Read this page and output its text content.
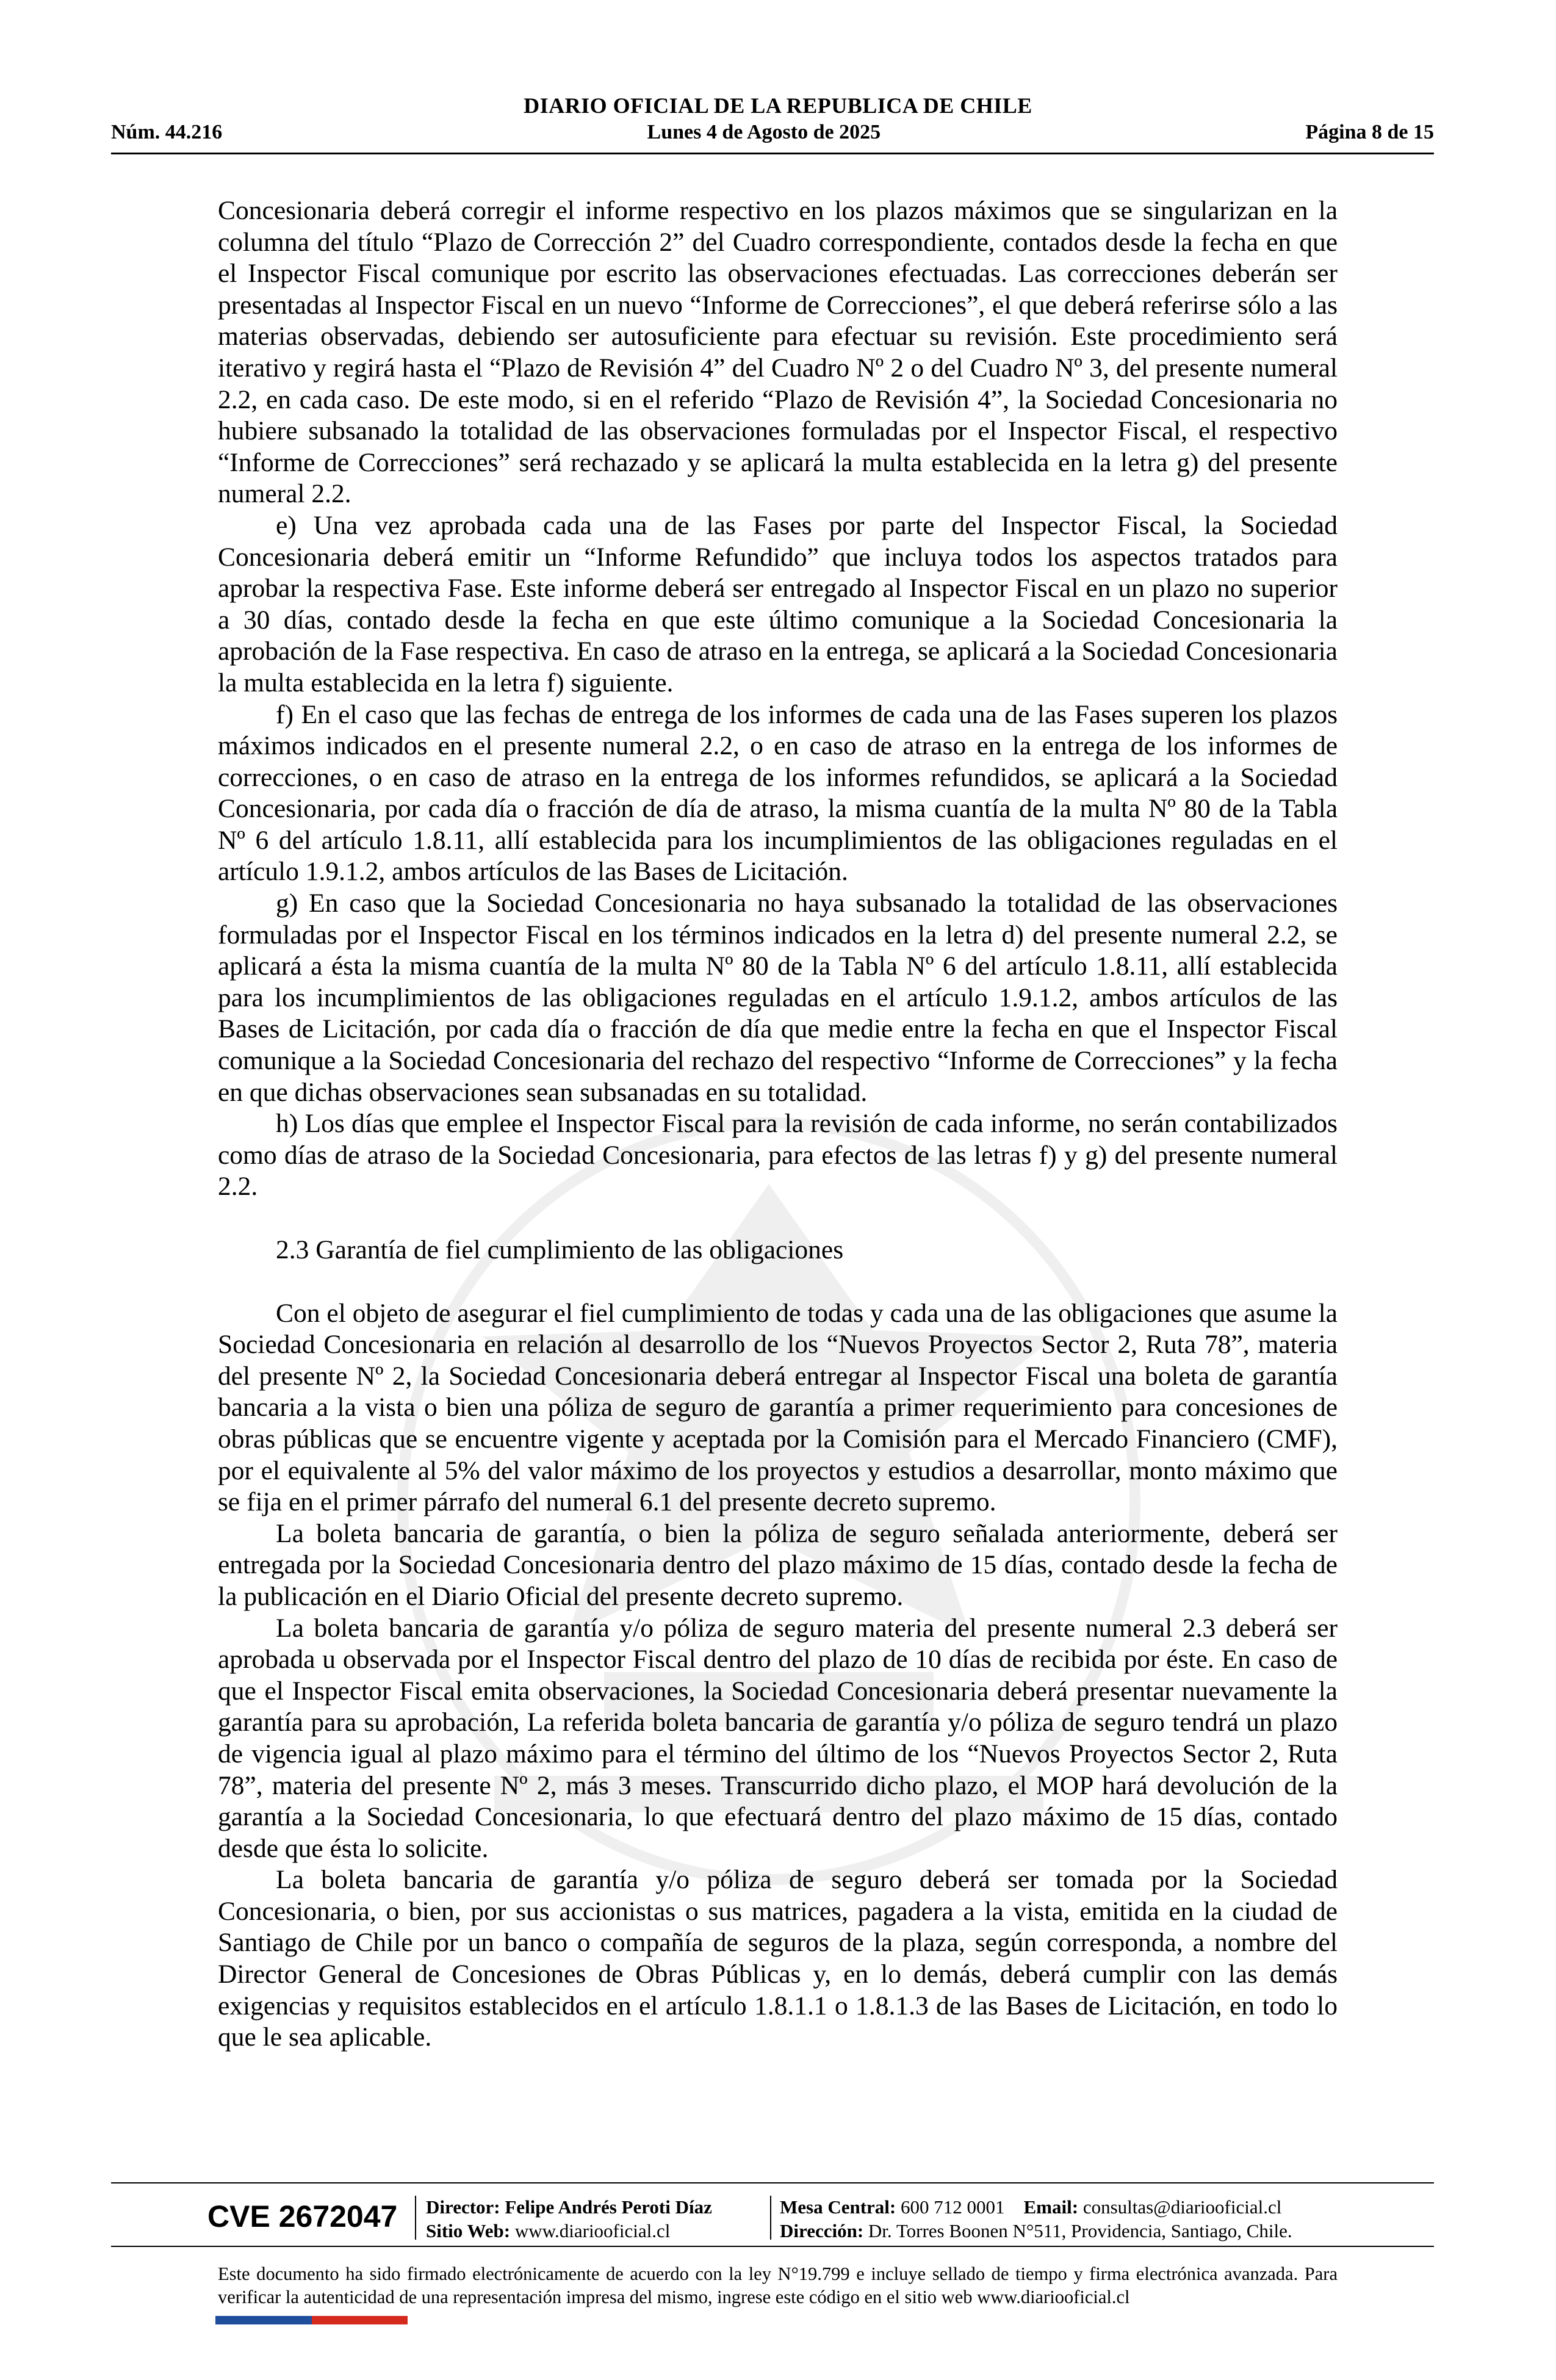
DIARIO OFICIAL DE LA REPUBLICA DE CHILE
Núm. 44.216	Lunes 4 de Agosto de 2025	Página 8 de 15

Concesionaria deberá corregir el informe respectivo en los plazos máximos que se singularizan en la columna del título “Plazo de Corrección 2” del Cuadro correspondiente, contados desde la fecha en que el Inspector Fiscal comunique por escrito las observaciones efectuadas. Las correcciones deberán ser presentadas al Inspector Fiscal en un nuevo “Informe de Correcciones”, el que deberá referirse sólo a las materias observadas, debiendo ser autosuficiente para efectuar su revisión. Este procedimiento será iterativo y regirá hasta el “Plazo de Revisión 4” del Cuadro Nº 2 o del Cuadro Nº 3, del presente numeral 2.2, en cada caso. De este modo, si en el referido “Plazo de Revisión 4”, la Sociedad Concesionaria no hubiere subsanado la totalidad de las observaciones formuladas por el Inspector Fiscal, el respectivo “Informe de Correcciones” será rechazado y se aplicará la multa establecida en la letra g) del presente numeral 2.2.

e) Una vez aprobada cada una de las Fases por parte del Inspector Fiscal, la Sociedad Concesionaria deberá emitir un “Informe Refundido” que incluya todos los aspectos tratados para aprobar la respectiva Fase. Este informe deberá ser entregado al Inspector Fiscal en un plazo no superior a 30 días, contado desde la fecha en que este último comunique a la Sociedad Concesionaria la aprobación de la Fase respectiva. En caso de atraso en la entrega, se aplicará a la Sociedad Concesionaria la multa establecida en la letra f) siguiente.

f) En el caso que las fechas de entrega de los informes de cada una de las Fases superen los plazos máximos indicados en el presente numeral 2.2, o en caso de atraso en la entrega de los informes de correcciones, o en caso de atraso en la entrega de los informes refundidos, se aplicará a la Sociedad Concesionaria, por cada día o fracción de día de atraso, la misma cuantía de la multa Nº 80 de la Tabla Nº 6 del artículo 1.8.11, allí establecida para los incumplimientos de las obligaciones reguladas en el artículo 1.9.1.2, ambos artículos de las Bases de Licitación.

g) En caso que la Sociedad Concesionaria no haya subsanado la totalidad de las observaciones formuladas por el Inspector Fiscal en los términos indicados en la letra d) del presente numeral 2.2, se aplicará a ésta la misma cuantía de la multa Nº 80 de la Tabla Nº 6 del artículo 1.8.11, allí establecida para los incumplimientos de las obligaciones reguladas en el artículo 1.9.1.2, ambos artículos de las Bases de Licitación, por cada día o fracción de día que medie entre la fecha en que el Inspector Fiscal comunique a la Sociedad Concesionaria del rechazo del respectivo “Informe de Correcciones” y la fecha en que dichas observaciones sean subsanadas en su totalidad.

h) Los días que emplee el Inspector Fiscal para la revisión de cada informe, no serán contabilizados como días de atraso de la Sociedad Concesionaria, para efectos de las letras f) y g) del presente numeral 2.2.

2.3 Garantía de fiel cumplimiento de las obligaciones

Con el objeto de asegurar el fiel cumplimiento de todas y cada una de las obligaciones que asume la Sociedad Concesionaria en relación al desarrollo de los “Nuevos Proyectos Sector 2, Ruta 78”, materia del presente Nº 2, la Sociedad Concesionaria deberá entregar al Inspector Fiscal una boleta de garantía bancaria a la vista o bien una póliza de seguro de garantía a primer requerimiento para concesiones de obras públicas que se encuentre vigente y aceptada por la Comisión para el Mercado Financiero (CMF), por el equivalente al 5% del valor máximo de los proyectos y estudios a desarrollar, monto máximo que se fija en el primer párrafo del numeral 6.1 del presente decreto supremo.

La boleta bancaria de garantía, o bien la póliza de seguro señalada anteriormente, deberá ser entregada por la Sociedad Concesionaria dentro del plazo máximo de 15 días, contado desde la fecha de la publicación en el Diario Oficial del presente decreto supremo.

La boleta bancaria de garantía y/o póliza de seguro materia del presente numeral 2.3 deberá ser aprobada u observada por el Inspector Fiscal dentro del plazo de 10 días de recibida por éste. En caso de que el Inspector Fiscal emita observaciones, la Sociedad Concesionaria deberá presentar nuevamente la garantía para su aprobación, La referida boleta bancaria de garantía y/o póliza de seguro tendrá un plazo de vigencia igual al plazo máximo para el término del último de los “Nuevos Proyectos Sector 2, Ruta 78”, materia del presente Nº 2, más 3 meses. Transcurrido dicho plazo, el MOP hará devolución de la garantía a la Sociedad Concesionaria, lo que efectuará dentro del plazo máximo de 15 días, contado desde que ésta lo solicite.

La boleta bancaria de garantía y/o póliza de seguro deberá ser tomada por la Sociedad Concesionaria, o bien, por sus accionistas o sus matrices, pagadera a la vista, emitida en la ciudad de Santiago de Chile por un banco o compañía de seguros de la plaza, según corresponda, a nombre del Director General de Concesiones de Obras Públicas y, en lo demás, deberá cumplir con las demás exigencias y requisitos establecidos en el artículo 1.8.1.1 o 1.8.1.3 de las Bases de Licitación, en todo lo que le sea aplicable.

CVE 2672047 Director: Felipe Andrés Peroti Díaz
Sitio Web: www.diariooficial.cl
Mesa Central: 600 712 0001 Email: consultas@diariooficial.cl
Dirección: Dr. Torres Boonen N°511, Providencia, Santiago, Chile.
Este documento ha sido firmado electrónicamente de acuerdo con la ley N°19.799 e incluye sellado de tiempo y firma electrónica avanzada. Para verificar la autenticidad de una representación impresa del mismo, ingrese este código en el sitio web www.diariooficial.cl
